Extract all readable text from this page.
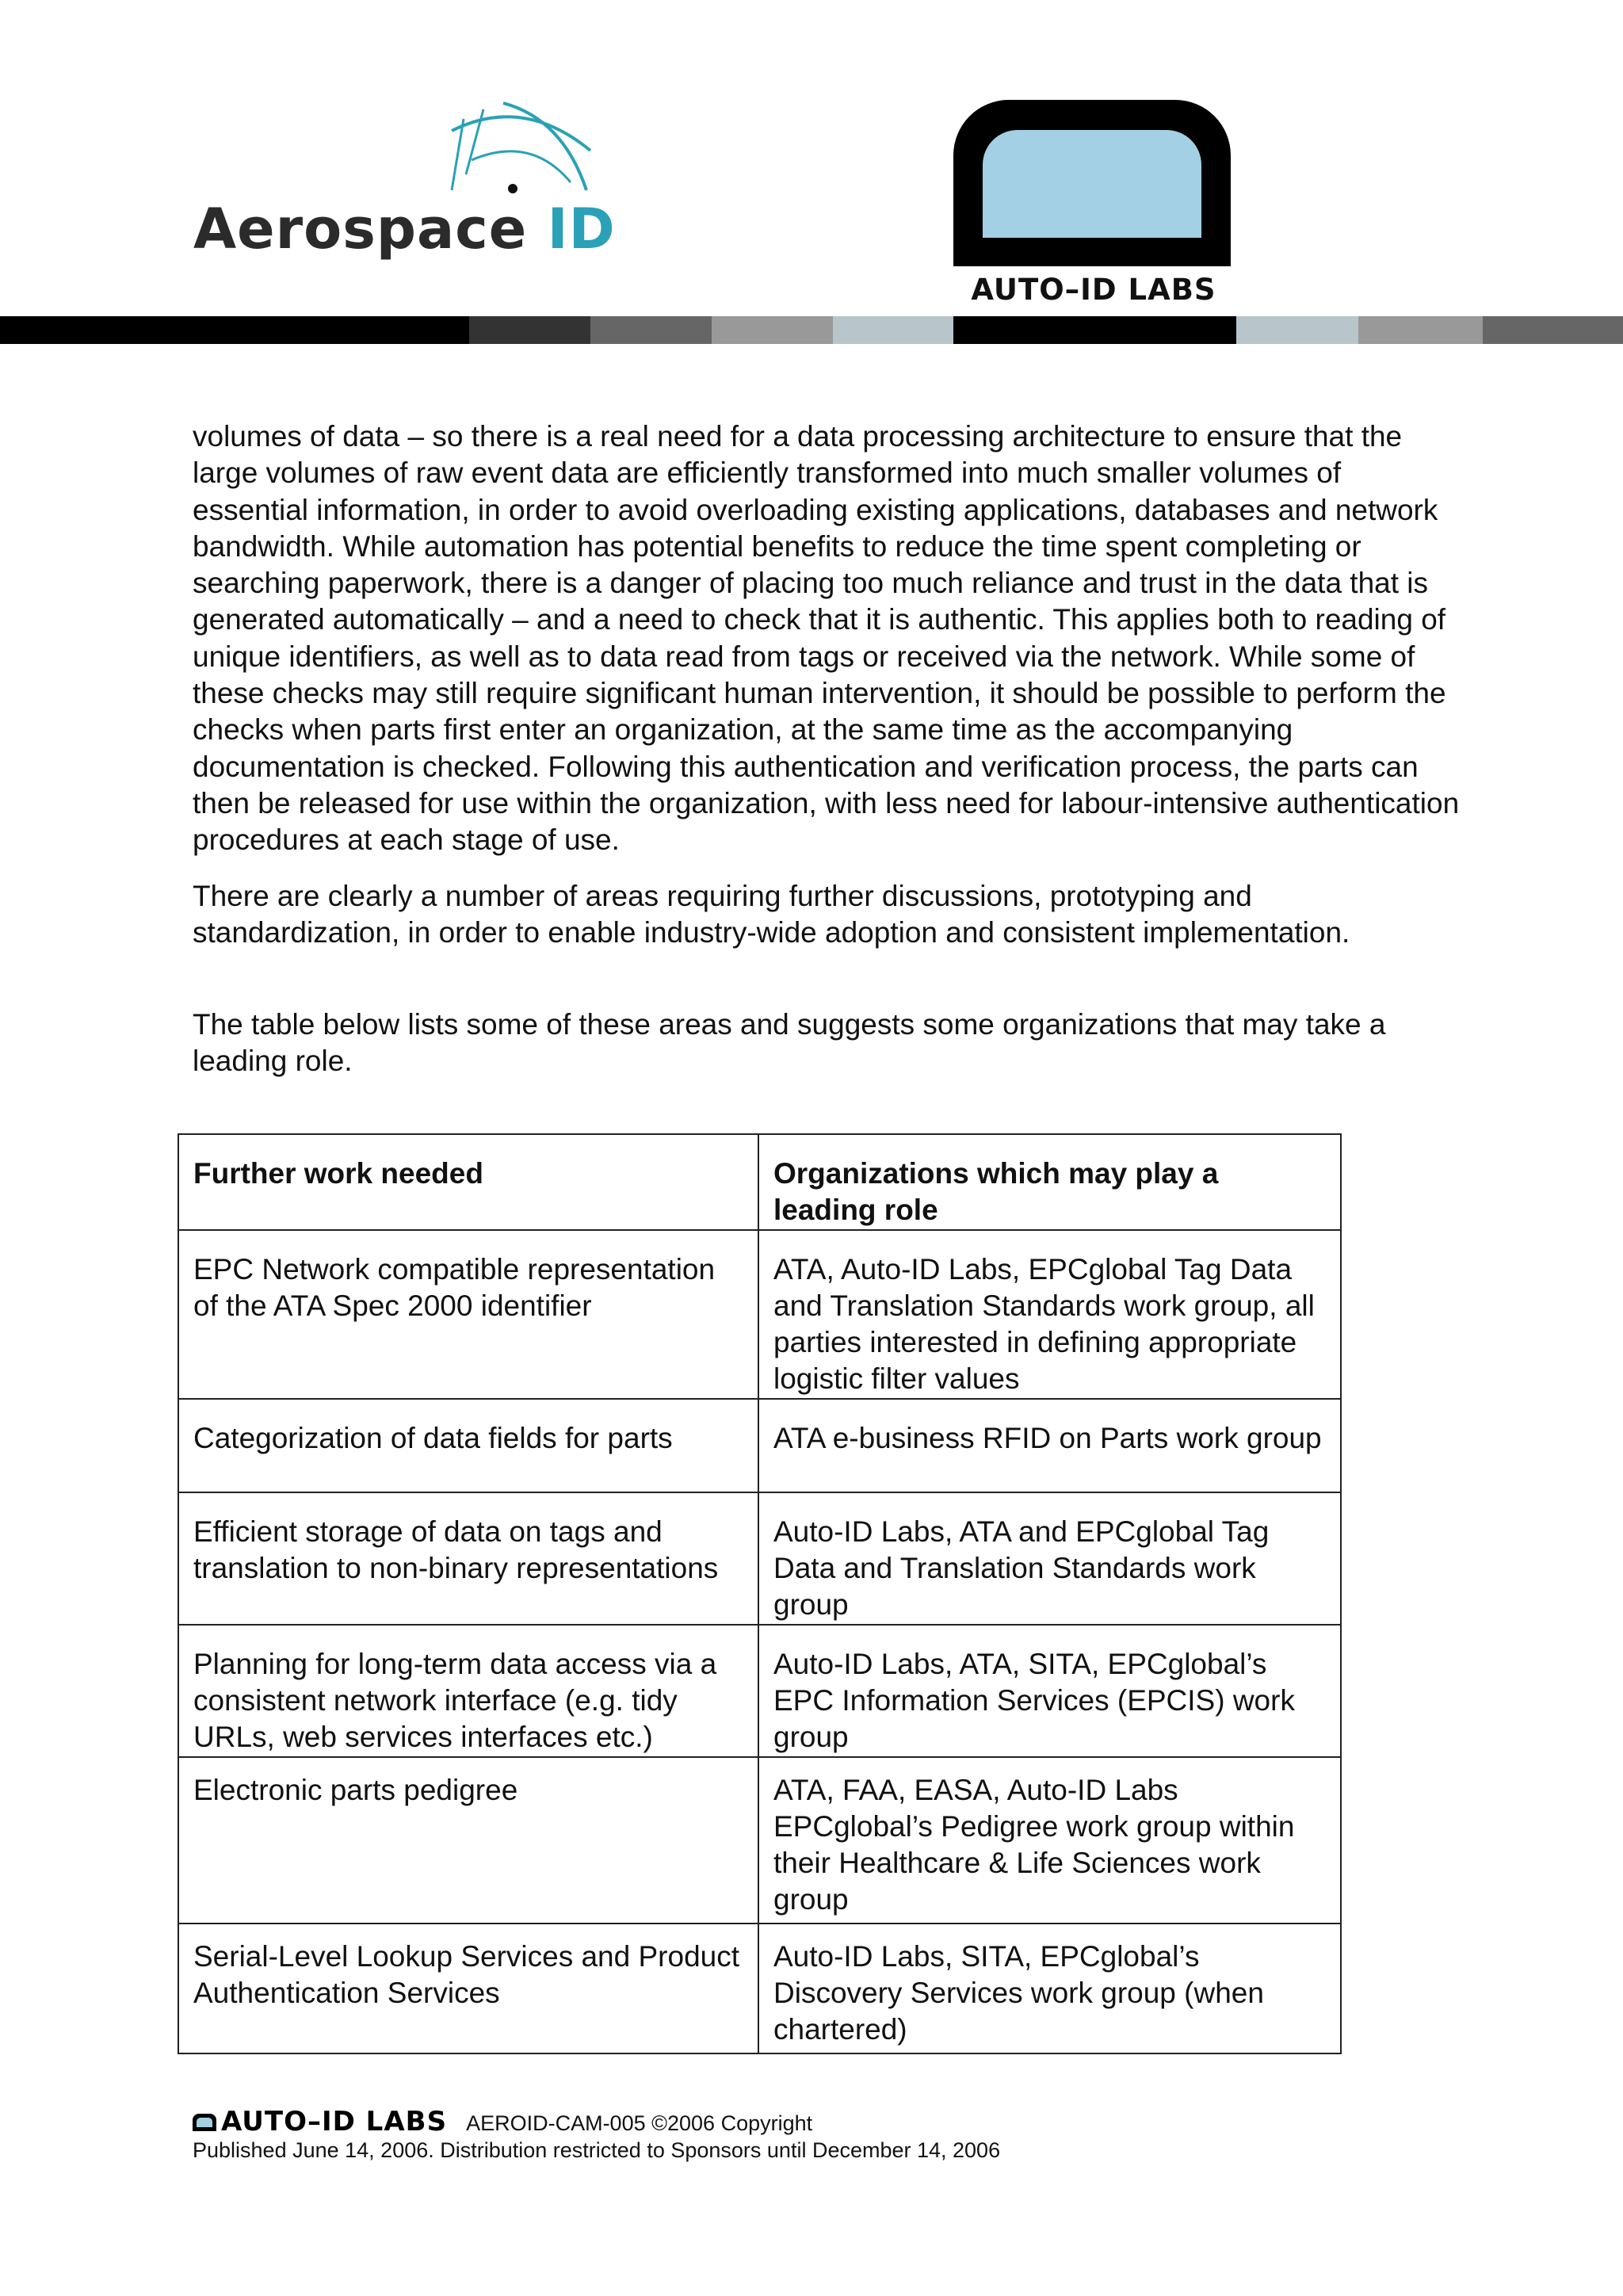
Aerospace ID
AUTO–ID LABS

volumes of data – so there is a real need for a data processing architecture to ensure that the large volumes of raw event data are efficiently transformed into much smaller volumes of essential information, in order to avoid overloading existing applications, databases and network bandwidth. While automation has potential benefits to reduce the time spent completing or searching paperwork, there is a danger of placing too much reliance and trust in the data that is generated automatically – and a need to check that it is authentic. This applies both to reading of unique identifiers, as well as to data read from tags or received via the network. While some of these checks may still require significant human intervention, it should be possible to perform the checks when parts first enter an organization, at the same time as the accompanying documentation is checked. Following this authentication and verification process, the parts can then be released for use within the organization, with less need for labour-intensive authentication procedures at each stage of use.

There are clearly a number of areas requiring further discussions, prototyping and standardization, in order to enable industry-wide adoption and consistent implementation.

The table below lists some of these areas and suggests some organizations that may take a leading role.

Further work needed	Organizations which may play a leading role
EPC Network compatible representation of the ATA Spec 2000 identifier	ATA, Auto-ID Labs, EPCglobal Tag Data and Translation Standards work group, all parties interested in defining appropriate logistic filter values
Categorization of data fields for parts	ATA e-business RFID on Parts work group
Efficient storage of data on tags and translation to non-binary representations	Auto-ID Labs, ATA and EPCglobal Tag Data and Translation Standards work group
Planning for long-term data access via a consistent network interface (e.g. tidy URLs, web services interfaces etc.)	Auto-ID Labs, ATA, SITA, EPCglobal’s EPC Information Services (EPCIS) work group
Electronic parts pedigree	ATA, FAA, EASA, Auto-ID Labs EPCglobal’s Pedigree work group within their Healthcare & Life Sciences work group
Serial-Level Lookup Services and Product Authentication Services	Auto-ID Labs, SITA, EPCglobal’s Discovery Services work group (when chartered)
AUTO–ID LABS AEROID-CAM-005 ©2006 Copyright
Published June 14, 2006. Distribution restricted to Sponsors until December 14, 2006
